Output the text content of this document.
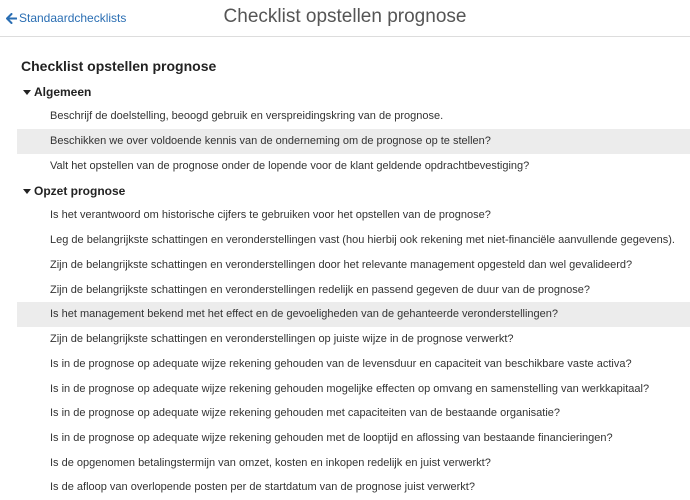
Standaardchecklists	Checklist opstellen prognose
Checklist opstellen prognose
Algemeen
Beschrijf de doelstelling, beoogd gebruik en verspreidingskring van de prognose.
Beschikken we over voldoende kennis van de onderneming om de prognose op te stellen?
Valt het opstellen van de prognose onder de lopende voor de klant geldende opdrachtbevestiging?
Opzet prognose
Is het verantwoord om historische cijfers te gebruiken voor het opstellen van de prognose?
Leg de belangrijkste schattingen en veronderstellingen vast (hou hierbij ook rekening met niet-financiële aanvullende gegevens).
Zijn de belangrijkste schattingen en veronderstellingen door het relevante management opgesteld dan wel gevalideerd?
Zijn de belangrijkste schattingen en veronderstellingen redelijk en passend gegeven de duur van de prognose?
Is het management bekend met het effect en de gevoeligheden van de gehanteerde veronderstellingen?
Zijn de belangrijkste schattingen en veronderstellingen op juiste wijze in de prognose verwerkt?
Is in de prognose op adequate wijze rekening gehouden van de levensduur en capaciteit van beschikbare vaste activa?
Is in de prognose op adequate wijze rekening gehouden mogelijke effecten op omvang en samenstelling van werkkapitaal?
Is in de prognose op adequate wijze rekening gehouden met capaciteiten van de bestaande organisatie?
Is in de prognose op adequate wijze rekening gehouden met de looptijd en aflossing van bestaande financieringen?
Is de opgenomen betalingstermijn van omzet, kosten en inkopen redelijk en juist verwerkt?
Is de afloop van overlopende posten per de startdatum van de prognose juist verwerkt?
